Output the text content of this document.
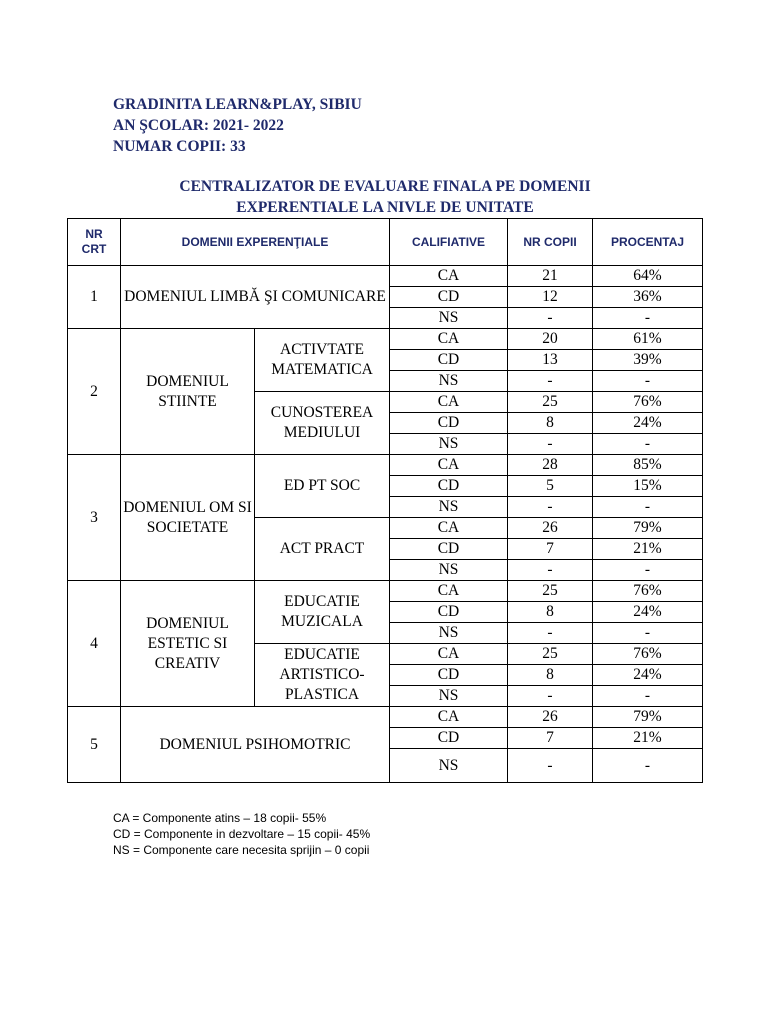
GRADINITA LEARN&PLAY, SIBIU
AN ŞCOLAR: 2021- 2022
NUMAR COPII: 33
CENTRALIZATOR DE EVALUARE FINALA PE DOMENII
EXPERENTIALE LA NIVLE DE UNITATE
NR
CRT	DOMENII EXPERENŢIALE		CALIFIATIVE	NR COPII	PROCENTAJ
1	DOMENIUL LIMBĂ ŞI COMUNICARE		CA	21	64%
			CD	12	36%
			NS	-	-
2	DOMENIUL STIINTE	ACTIVTATE MATEMATICA	CA	20	61%
			CD	13	39%
			NS	-	-
		CUNOSTEREA MEDIULUI	CA	25	76%
			CD	8	24%
			NS	-	-
3	DOMENIUL OM SI SOCIETATE	ED PT SOC	CA	28	85%
			CD	5	15%
			NS	-	-
		ACT PRACT	CA	26	79%
			CD	7	21%
			NS	-	-
4	DOMENIUL ESTETIC SI CREATIV	EDUCATIE MUZICALA	CA	25	76%
			CD	8	24%
			NS	-	-
		EDUCATIE ARTISTICO-PLASTICA	CA	25	76%
			CD	8	24%
			NS	-	-
5	DOMENIUL PSIHOMOTRIC		CA	26	79%
			CD	7	21%
			NS	-	-
CA = Componente atins – 18 copii- 55%
CD = Componente in dezvoltare – 15 copii- 45%
NS = Componente care necesita sprijin – 0 copii
